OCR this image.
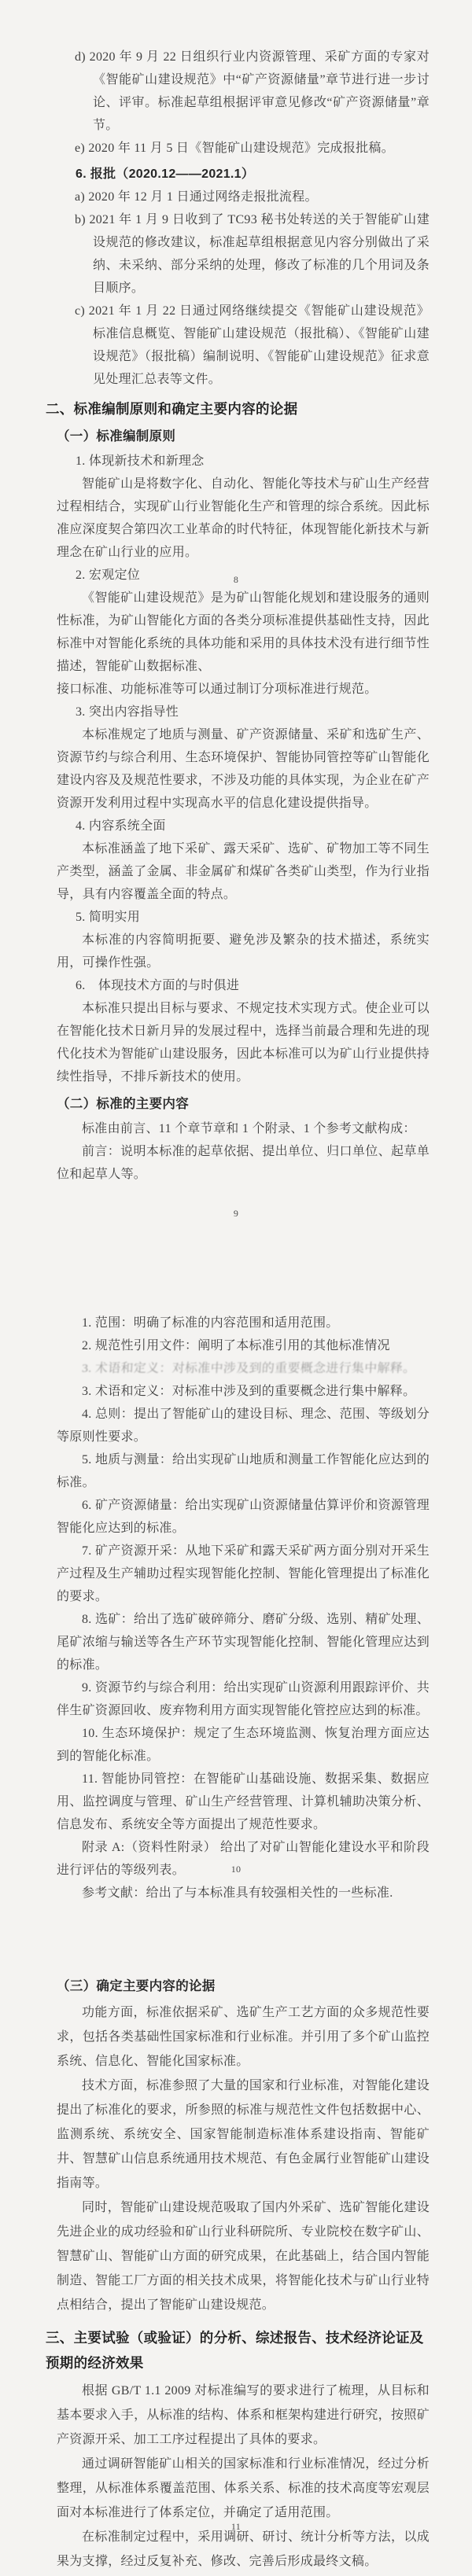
d) 2020 年 9 月 22 日组织行业内资源管理、采矿方面的专家对《智能矿山建设规范》中“矿产资源储量”章节进行进一步讨论、评审。标准起草组根据评审意见修改“矿产资源储量”章节。
e) 2020 年 11 月 5 日《智能矿山建设规范》完成报批稿。
6. 报批（2020.12——2021.1）
a) 2020 年 12 月 1 日通过网络走报批流程。
b) 2021 年 1 月 9 日收到了 TC93 秘书处转送的关于智能矿山建设规范的修改建议，标准起草组根据意见内容分别做出了采纳、未采纳、部分采纳的处理，修改了标准的几个用词及条目顺序。
c) 2021 年 1 月 22 日通过网络继续提交《智能矿山建设规范》标准信息概览、智能矿山建设规范（报批稿）、《智能矿山建设规范》（报批稿）编制说明、《智能矿山建设规范》征求意见处理汇总表等文件。
二、标准编制原则和确定主要内容的论据
（一）标准编制原则
1. 体现新技术和新理念
智能矿山是将数字化、自动化、智能化等技术与矿山生产经营过程相结合，实现矿山行业智能化生产和管理的综合系统。因此标准应深度契合第四次工业革命的时代特征，体现智能化新技术与新理念在矿山行业的应用。
2. 宏观定位
《智能矿山建设规范》是为矿山智能化规划和建设服务的通则性标准，为矿山智能化方面的各类分项标准提供基础性支持，因此标准中对智能化系统的具体功能和采用的具体技术没有进行细节性描述，智能矿山数据标准、
8
接口标准、功能标准等可以通过制订分项标准进行规范。
3. 突出内容指导性
本标准规定了地质与测量、矿产资源储量、采矿和选矿生产、资源节约与综合利用、生态环境保护、智能协同管控等矿山智能化建设内容及及规范性要求，不涉及功能的具体实现，为企业在矿产资源开发利用过程中实现高水平的信息化建设提供指导。
4. 内容系统全面
本标准涵盖了地下采矿、露天采矿、选矿、矿物加工等不同生产类型，涵盖了金属、非金属矿和煤矿各类矿山类型，作为行业指导，具有内容覆盖全面的特点。
5. 简明实用
本标准的内容简明扼要、避免涉及繁杂的技术描述，系统实用，可操作性强。
6.　体现技术方面的与时俱进
本标准只提出目标与要求、不规定技术实现方式。使企业可以在智能化技术日新月异的发展过程中，选择当前最合理和先进的现代化技术为智能矿山建设服务，因此本标准可以为矿山行业提供持续性指导，不排斥新技术的使用。
（二）标准的主要内容
标准由前言、11 个章节章和 1 个附录、1 个参考文献构成：
前言：说明本标准的起草依据、提出单位、归口单位、起草单位和起草人等。
9
1. 范围：明确了标准的内容范围和适用范围。
2. 规范性引用文件：阐明了本标准引用的其他标准情况
3. 术语和定义：对标准中涉及到的重要概念进行集中解释。
3. 术语和定义：对标准中涉及到的重要概念进行集中解释。
4. 总则：提出了智能矿山的建设目标、理念、范围、等级划分等原则性要求。
5. 地质与测量：给出实现矿山地质和测量工作智能化应达到的标准。
6. 矿产资源储量：给出实现矿山资源储量估算评价和资源管理智能化应达到的标准。
7. 矿产资源开采：从地下采矿和露天采矿两方面分别对开采生产过程及生产辅助过程实现智能化控制、智能化管理提出了标准化的要求。
8. 选矿：给出了选矿破碎筛分、磨矿分级、选别、精矿处理、尾矿浓缩与输送等各生产环节实现智能化控制、智能化管理应达到的标准。
9. 资源节约与综合利用：给出实现矿山资源利用跟踪评价、共伴生矿资源回收、废弃物利用方面实现智能化管控应达到的标准。
10. 生态环境保护：规定了生态环境监测、恢复治理方面应达到的智能化标准。
11. 智能协同管控：在智能矿山基础设施、数据采集、数据应用、监控调度与管理、矿山生产经营管理、计算机辅助决策分析、信息发布、系统安全等方面提出了规范性要求。
附录 A:（资料性附录） 给出了对矿山智能化建设水平和阶段进行评估的等级列表。
参考文献：给出了与本标准具有较强相关性的一些标准.
10
（三）确定主要内容的论据
功能方面，标准依据采矿、选矿生产工艺方面的众多规范性要求，包括各类基础性国家标准和行业标准。并引用了多个矿山监控系统、信息化、智能化国家标准。
技术方面，标准参照了大量的国家和行业标准，对智能化建设提出了标准化的要求，所参照的标准与规范性文件包括数据中心、监测系统、系统安全、国家智能制造标准体系建设指南、智能矿井、智慧矿山信息系统通用技术规范、有色金属行业智能矿山建设指南等。
同时，智能矿山建设规范吸取了国内外采矿、选矿智能化建设先进企业的成功经验和矿山行业科研院所、专业院校在数字矿山、智慧矿山、智能矿山方面的研究成果，在此基础上，结合国内智能制造、智能工厂方面的相关技术成果，将智能化技术与矿山行业特点相结合，提出了智能矿山建设规范。
三、主要试验（或验证）的分析、综述报告、技术经济论证及预期的经济效果
根据 GB/T 1.1 2009 对标准编写的要求进行了梳理，从目标和基本要求入手，从标准的结构、体系和框架构建进行研究，按照矿产资源开采、加工工序过程提出了具体的要求。
通过调研智能矿山相关的国家标准和行业标准情况，经过分析整理，从标准体系覆盖范围、体系关系、标准的技术高度等宏观层面对本标准进行了体系定位，并确定了适用范围。
在标准制定过程中，采用调研、研讨、统计分析等方法，以成果为支撑，经过反复补充、修改、完善后形成最终文稿。
11
